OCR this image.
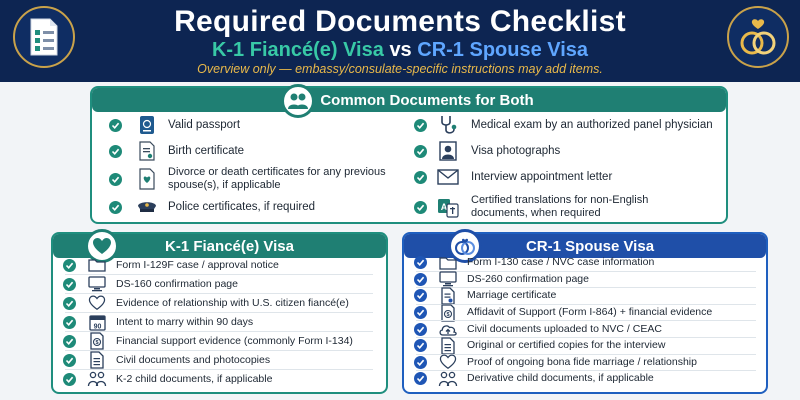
Required Documents Checklist
K-1 Fiancé(e) Visa vs CR-1 Spouse Visa
Overview only — embassy/consulate-specific instructions may add items.
Common Documents for Both
Valid passport
Birth certificate
Divorce or death certificates for any previous spouse(s), if applicable
Police certificates, if required
Medical exam by an authorized panel physician
Visa photographs
Interview appointment letter
A
Certified translations for non-English documents, when required
K-1 Fiancé(e) Visa	CR-1 Spouse Visa
Form I-129F case / approval notice
DS-160 confirmation page
Evidence of relationship with U.S. citizen fiancé(e)
90 Intent to marry within 90 days
$ Financial support evidence (commonly Form I-134)
Civil documents and photocopies
K-2 child documents, if applicable
Form I-130 case / NVC case information
DS-260 confirmation page
Marriage certificate
$ Affidavit of Support (Form I-864) + financial evidence
Civil documents uploaded to NVC / CEAC
Original or certified copies for the interview
Proof of ongoing bona fide marriage / relationship
Derivative child documents, if applicable
